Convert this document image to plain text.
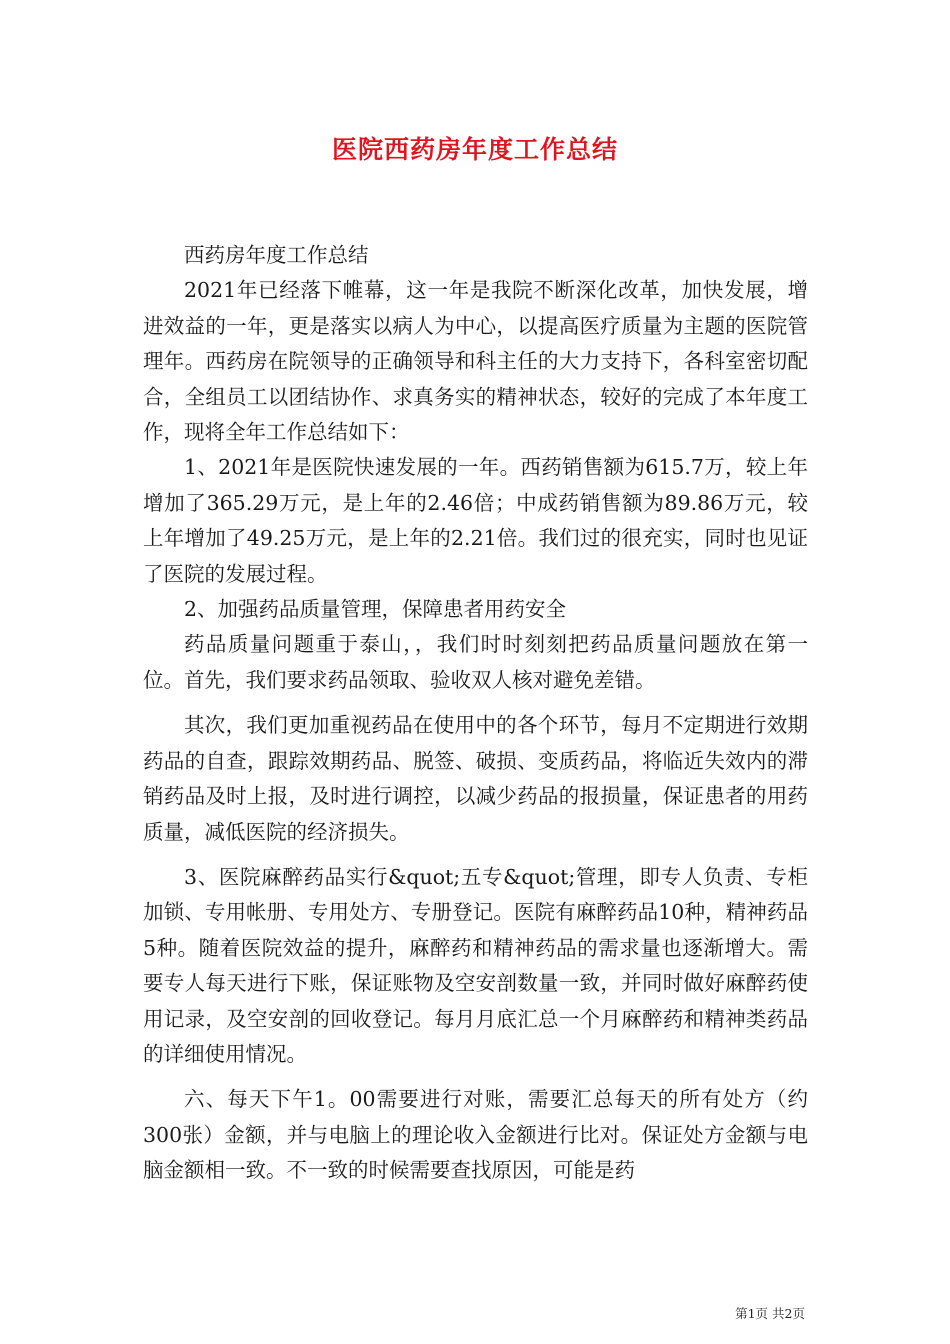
医院西药房年度工作总结

西药房年度工作总结

2021年已经落下帷幕，这一年是我院不断深化改革，加快发展，增进效益的一年，更是落实以病人为中心，以提高医疗质量为主题的医院管理年。西药房在院领导的正确领导和科主任的大力支持下，各科室密切配合，全组员工以团结协作、求真务实的精神状态，较好的完成了本年度工作，现将全年工作总结如下：

1、2021年是医院快速发展的一年。西药销售额为615.7万，较上年增加了365.29万元，是上年的2.46倍；中成药销售额为89.86万元，较上年增加了49.25万元，是上年的2.21倍。我们过的很充实，同时也见证了医院的发展过程。

2、加强药品质量管理，保障患者用药安全

药品质量问题重于泰山，，我们时时刻刻把药品质量问题放在第一位。首先，我们要求药品领取、验收双人核对避免差错。

其次，我们更加重视药品在使用中的各个环节，每月不定期进行效期药品的自查，跟踪效期药品、脱签、破损、变质药品，将临近失效内的滞销药品及时上报，及时进行调控，以减少药品的报损量，保证患者的用药质量，减低医院的经济损失。

3、医院麻醉药品实行&quot;五专&quot;管理，即专人负责、专柜加锁、专用帐册、专用处方、专册登记。医院有麻醉药品10种，精神药品5种。随着医院效益的提升，麻醉药和精神药品的需求量也逐渐增大。需要专人每天进行下账，保证账物及空安剖数量一致，并同时做好麻醉药使用记录，及空安剖的回收登记。每月月底汇总一个月麻醉药和精神类药品的详细使用情况。

六、每天下午1。00需要进行对账，需要汇总每天的所有处方（约300张）金额，并与电脑上的理论收入金额进行比对。保证处方金额与电脑金额相一致。不一致的时候需要查找原因，可能是药

第1页 共2页
